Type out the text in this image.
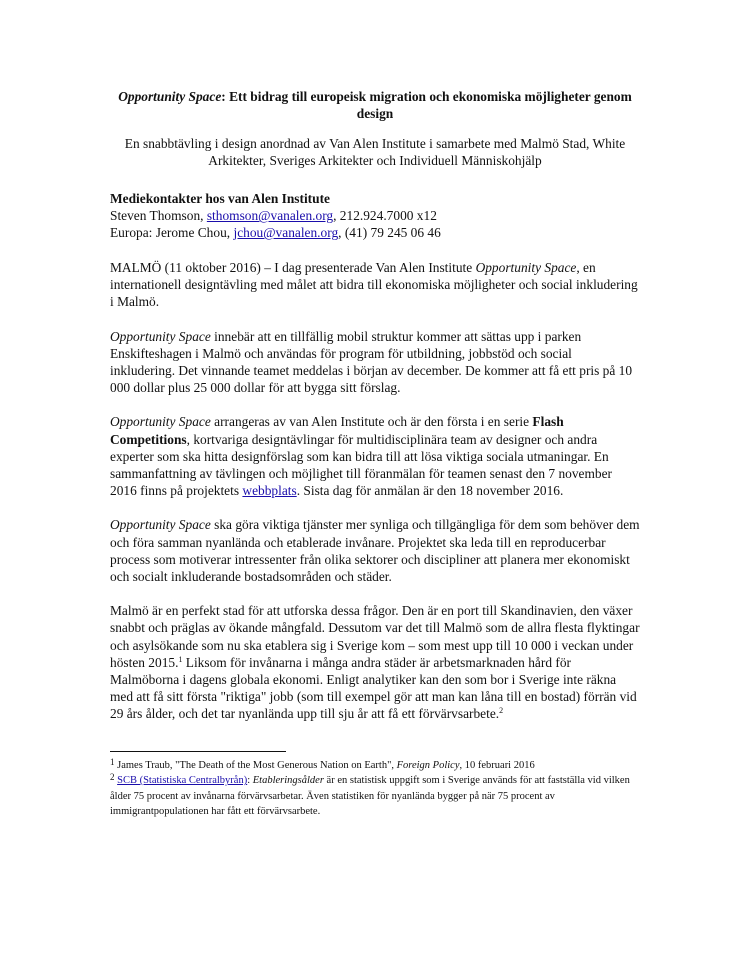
Opportunity Space: Ett bidrag till europeisk migration och ekonomiska möjligheter genom design

En snabbtävling i design anordnad av Van Alen Institute i samarbete med Malmö Stad, White Arkitekter, Sveriges Arkitekter och Individuell Människohjälp

Mediekontakter hos van Alen Institute
Steven Thomson, sthomson@vanalen.org, 212.924.7000 x12
Europa: Jerome Chou, jchou@vanalen.org, (41) 79 245 06 46

MALMÖ (11 oktober 2016) – I dag presenterade Van Alen Institute Opportunity Space, en internationell designtävling med målet att bidra till ekonomiska möjligheter och social inkludering i Malmö.

Opportunity Space innebär att en tillfällig mobil struktur kommer att sättas upp i parken Enskifteshagen i Malmö och användas för program för utbildning, jobbstöd och social inkludering. Det vinnande teamet meddelas i början av december. De kommer att få ett pris på 10 000 dollar plus 25 000 dollar för att bygga sitt förslag.

Opportunity Space arrangeras av van Alen Institute och är den första i en serie Flash Competitions, kortvariga designtävlingar för multidisciplinära team av designer och andra experter som ska hitta designförslag som kan bidra till att lösa viktiga sociala utmaningar. En sammanfattning av tävlingen och möjlighet till föranmälan för teamen senast den 7 november 2016 finns på projektets webbplats. Sista dag för anmälan är den 18 november 2016.

Opportunity Space ska göra viktiga tjänster mer synliga och tillgängliga för dem som behöver dem och föra samman nyanlända och etablerade invånare. Projektet ska leda till en reproducerbar process som motiverar intressenter från olika sektorer och discipliner att planera mer ekonomiskt och socialt inkluderande bostadsområden och städer.

Malmö är en perfekt stad för att utforska dessa frågor. Den är en port till Skandinavien, den växer snabbt och präglas av ökande mångfald. Dessutom var det till Malmö som de allra flesta flyktingar och asylsökande som nu ska etablera sig i Sverige kom – som mest upp till 10 000 i veckan under hösten 2015.$^1$ Liksom för invånarna i många andra städer är arbetsmarknaden hård för Malmöborna i dagens globala ekonomi. Enligt analytiker kan den som bor i Sverige inte räkna med att få sitt första "riktiga" jobb (som till exempel gör att man kan låna till en bostad) förrän vid 29 års ålder, och det tar nyanlända upp till sju år att få ett förvärvsarbete.$^2$

$^1$ James Traub, "The Death of the Most Generous Nation on Earth", Foreign Policy, 10 februari 2016
$^2$ SCB (Statistiska Centralbyrån): Etableringsålder är en statistisk uppgift som i Sverige används för att fastställa vid vilken ålder 75 procent av invånarna förvärvsarbetar. Även statistiken för nyanlända bygger på när 75 procent av immigrantpopulationen har fått ett förvärvsarbete.
